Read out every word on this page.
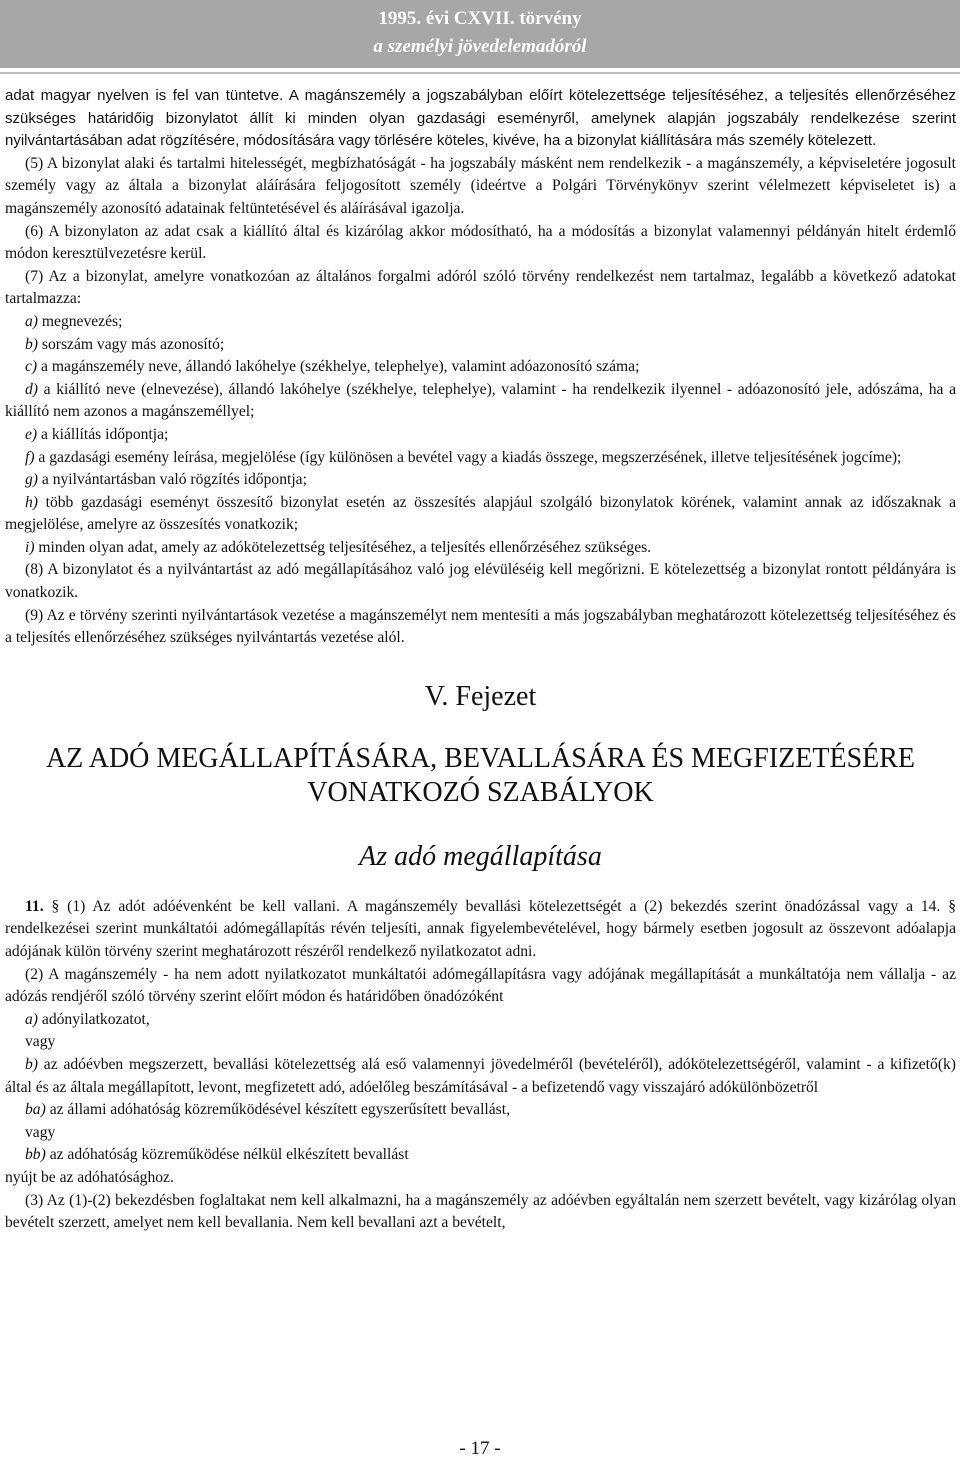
1995. évi CXVII. törvény
a személyi jövedelemadóról

adat magyar nyelven is fel van tüntetve. A magánszemély a jogszabályban előírt kötelezettsége teljesítéséhez, a teljesítés ellenőrzéséhez szükséges határidőig bizonylatot állít ki minden olyan gazdasági eseményről, amelynek alapján jogszabály rendelkezése szerint nyilvántartásában adat rögzítésére, módosítására vagy törlésére köteles, kivéve, ha a bizonylat kiállítására más személy kötelezett.

(5) A bizonylat alaki és tartalmi hitelességét, megbízhatóságát - ha jogszabály másként nem rendelkezik - a magánszemély, a képviseletére jogosult személy vagy az általa a bizonylat aláírására feljogosított személy (ideértve a Polgári Törvénykönyv szerint vélelmezett képviseletet is) a magánszemély azonosító adatainak feltüntetésével és aláírásával igazolja.

(6) A bizonylaton az adat csak a kiállító által és kizárólag akkor módosítható, ha a módosítás a bizonylat valamennyi példányán hitelt érdemlő módon keresztülvezetésre kerül.

(7) Az a bizonylat, amelyre vonatkozóan az általános forgalmi adóról szóló törvény rendelkezést nem tartalmaz, legalább a következő adatokat tartalmazza:

a) megnevezés;

b) sorszám vagy más azonosító;

c) a magánszemély neve, állandó lakóhelye (székhelye, telephelye), valamint adóazonosító száma;

d) a kiállító neve (elnevezése), állandó lakóhelye (székhelye, telephelye), valamint - ha rendelkezik ilyennel - adóazonosító jele, adószáma, ha a kiállító nem azonos a magánszeméllyel;

e) a kiállítás időpontja;

f) a gazdasági esemény leírása, megjelölése (így különösen a bevétel vagy a kiadás összege, megszerzésének, illetve teljesítésének jogcíme);

g) a nyilvántartásban való rögzítés időpontja;

h) több gazdasági eseményt összesítő bizonylat esetén az összesítés alapjául szolgáló bizonylatok körének, valamint annak az időszaknak a megjelölése, amelyre az összesítés vonatkozik;

i) minden olyan adat, amely az adókötelezettség teljesítéséhez, a teljesítés ellenőrzéséhez szükséges.

(8) A bizonylatot és a nyilvántartást az adó megállapításához való jog elévüléséig kell megőrizni. E kötelezettség a bizonylat rontott példányára is vonatkozik.

(9) Az e törvény szerinti nyilvántartások vezetése a magánszemélyt nem mentesíti a más jogszabályban meghatározott kötelezettség teljesítéséhez és a teljesítés ellenőrzéséhez szükséges nyilvántartás vezetése alól.

V. Fejezet
AZ ADÓ MEGÁLLAPÍTÁSÁRA, BEVALLÁSÁRA ÉS MEGFIZETÉSÉRE
VONATKOZÓ SZABÁLYOK
Az adó megállapítása

11. § (1) Az adót adóévenként be kell vallani. A magánszemély bevallási kötelezettségét a (2) bekezdés szerint önadózással vagy a 14. § rendelkezései szerint munkáltatói adómegállapítás révén teljesíti, annak figyelembevételével, hogy bármely esetben jogosult az összevont adóalapja adójának külön törvény szerint meghatározott részéről rendelkező nyilatkozatot adni.

(2) A magánszemély - ha nem adott nyilatkozatot munkáltatói adómegállapításra vagy adójának megállapítását a munkáltatója nem vállalja - az adózás rendjéről szóló törvény szerint előírt módon és határidőben önadózóként

a) adónyilatkozatot,

vagy

b) az adóévben megszerzett, bevallási kötelezettség alá eső valamennyi jövedelméről (bevételéről), adókötelezettségéről, valamint - a kifizető(k) által és az általa megállapított, levont, megfizetett adó, adóelőleg beszámításával - a befizetendő vagy visszajáró adókülönbözetről

ba) az állami adóhatóság közreműködésével készített egyszerűsített bevallást,

vagy

bb) az adóhatóság közreműködése nélkül elkészített bevallást

nyújt be az adóhatósághoz.

(3) Az (1)-(2) bekezdésben foglaltakat nem kell alkalmazni, ha a magánszemély az adóévben egyáltalán nem szerzett bevételt, vagy kizárólag olyan bevételt szerzett, amelyet nem kell bevallania. Nem kell bevallani azt a bevételt,

- 17 -
